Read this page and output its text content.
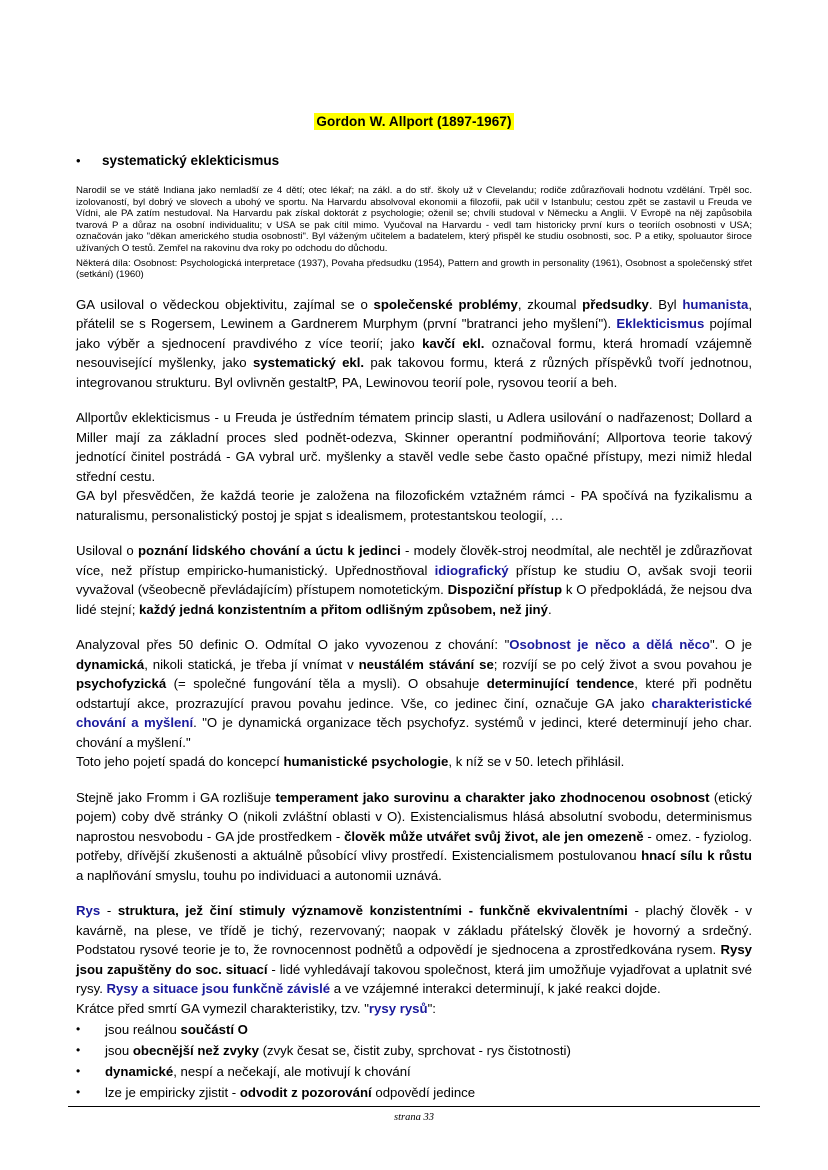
Gordon W. Allport (1897-1967)
•	systematický eklekticismus

Narodil se ve státě Indiana jako nemladší ze 4 dětí; otec lékař; na zákl. a do stř. školy už v Clevelandu; rodiče zdůrazňovali hodnotu vzdělání. Trpěl soc. izolovaností, byl dobrý ve slovech a ubohý ve sportu. Na Harvardu absolvoval ekonomii a filozofii, pak učil v Istanbulu; cestou zpět se zastavil u Freuda ve Vídni, ale PA zatím nestudoval. Na Harvardu pak získal doktorát z psychologie; oženil se; chvíli studoval v Německu a Anglii. V Evropě na něj zapůsobila tvarová P a důraz na osobní individualitu; v USA se pak cítil mimo. Vyučoval na Harvardu - vedl tam historicky první kurs o teoriích osobnosti v USA; označován jako "děkan amerického studia osobnosti". Byl váženým učitelem a badatelem, který přispěl ke studiu osobnosti, soc. P a etiky, spoluautor široce užívaných O testů. Zemřel na rakovinu dva roky po odchodu do důchodu.

Některá díla: Osobnost: Psychologická interpretace (1937), Povaha předsudku (1954), Pattern and growth in personality (1961), Osobnost a společenský střet (setkání) (1960)

GA usiloval o vědeckou objektivitu, zajímal se o společenské problémy, zkoumal předsudky. Byl humanista, přátelil se s Rogersem, Lewinem a Gardnerem Murphym (první "bratranci jeho myšlení"). Eklekticismus pojímal jako výběr a sjednocení pravdivého z více teorií; jako kavčí ekl. označoval formu, která hromadí vzájemně nesouvisející myšlenky, jako systematický ekl. pak takovou formu, která z různých příspěvků tvoří jednotnou, integrovanou strukturu. Byl ovlivněn gestaltP, PA, Lewinovou teorií pole, rysovou teorií a beh.

Allportův eklekticismus - u Freuda je ústředním tématem princip slasti, u Adlera usilování o nadřazenost; Dollard a Miller mají za základní proces sled podnět-odezva, Skinner operantní podmiňování; Allportova teorie takový jednotící činitel postrádá - GA vybral urč. myšlenky a stavěl vedle sebe často opačné přístupy, mezi nimiž hledal střední cestu.

GA byl přesvědčen, že každá teorie je založena na filozofickém vztažném rámci - PA spočívá na fyzikalismu a naturalismu, personalistický postoj je spjat s idealismem, protestantskou teologií, …

Usiloval o poznání lidského chování a úctu k jedinci - modely člověk-stroj neodmítal, ale nechtěl je zdůrazňovat více, než přístup empiricko-humanistický. Upřednostňoval idiografický přístup ke studiu O, avšak svoji teorii vyvažoval (všeobecně převládajícím) přístupem nomotetickým. Dispoziční přístup k O předpokládá, že nejsou dva lidé stejní; každý jedná konzistentním a přitom odlišným způsobem, než jiný.

Analyzoval přes 50 definic O. Odmítal O jako vyvozenou z chování: "Osobnost je něco a dělá něco". O je dynamická, nikoli statická, je třeba jí vnímat v neustálém stávání se; rozvíjí se po celý život a svou povahou je psychofyzická (= společné fungování těla a mysli). O obsahuje determinující tendence, které při podnětu odstartují akce, prozrazující pravou povahu jedince. Vše, co jedinec činí, označuje GA jako charakteristické chování a myšlení. "O je dynamická organizace těch psychofyz. systémů v jedinci, které determinují jeho char. chování a myšlení."

Toto jeho pojetí spadá do koncepcí humanistické psychologie, k níž se v 50. letech přihlásil.

Stejně jako Fromm i GA rozlišuje temperament jako surovinu a charakter jako zhodnocenou osobnost (etický pojem) coby dvě stránky O (nikoli zvláštní oblasti v O). Existencialismus hlásá absolutní svobodu, determinismus naprostou nesvobodu - GA jde prostředkem - člověk může utvářet svůj život, ale jen omezeně - omez. - fyziolog. potřeby, dřívější zkušenosti a aktuálně působící vlivy prostředí. Existencialismem postulovanou hnací sílu k růstu a naplňování smyslu, touhu po individuaci a autonomii uznává.

Rys - struktura, jež činí stimuly významově konzistentními - funkčně ekvivalentními - plachý člověk - v kavárně, na plese, ve třídě je tichý, rezervovaný; naopak v základu přátelský člověk je hovorný a srdečný. Podstatou rysové teorie je to, že rovnocennost podnětů a odpovědí je sjednocena a zprostředkována rysem. Rysy jsou zapuštěny do soc. situací - lidé vyhledávají takovou společnost, která jim umožňuje vyjadřovat a uplatnit své rysy. Rysy a situace jsou funkčně závislé a ve vzájemné interakci determinují, k jaké reakci dojde.

Krátce před smrtí GA vymezil charakteristiky, tzv. "rysy rysů":

•	jsou reálnou součástí O
•	jsou obecnější než zvyky (zvyk česat se, čistit zuby, sprchovat - rys čistotnosti)
•	dynamické, nespí a nečekají, ale motivují k chování
•	lze je empiricky zjistit - odvodit z pozorování odpovědí jedince
strana 33
